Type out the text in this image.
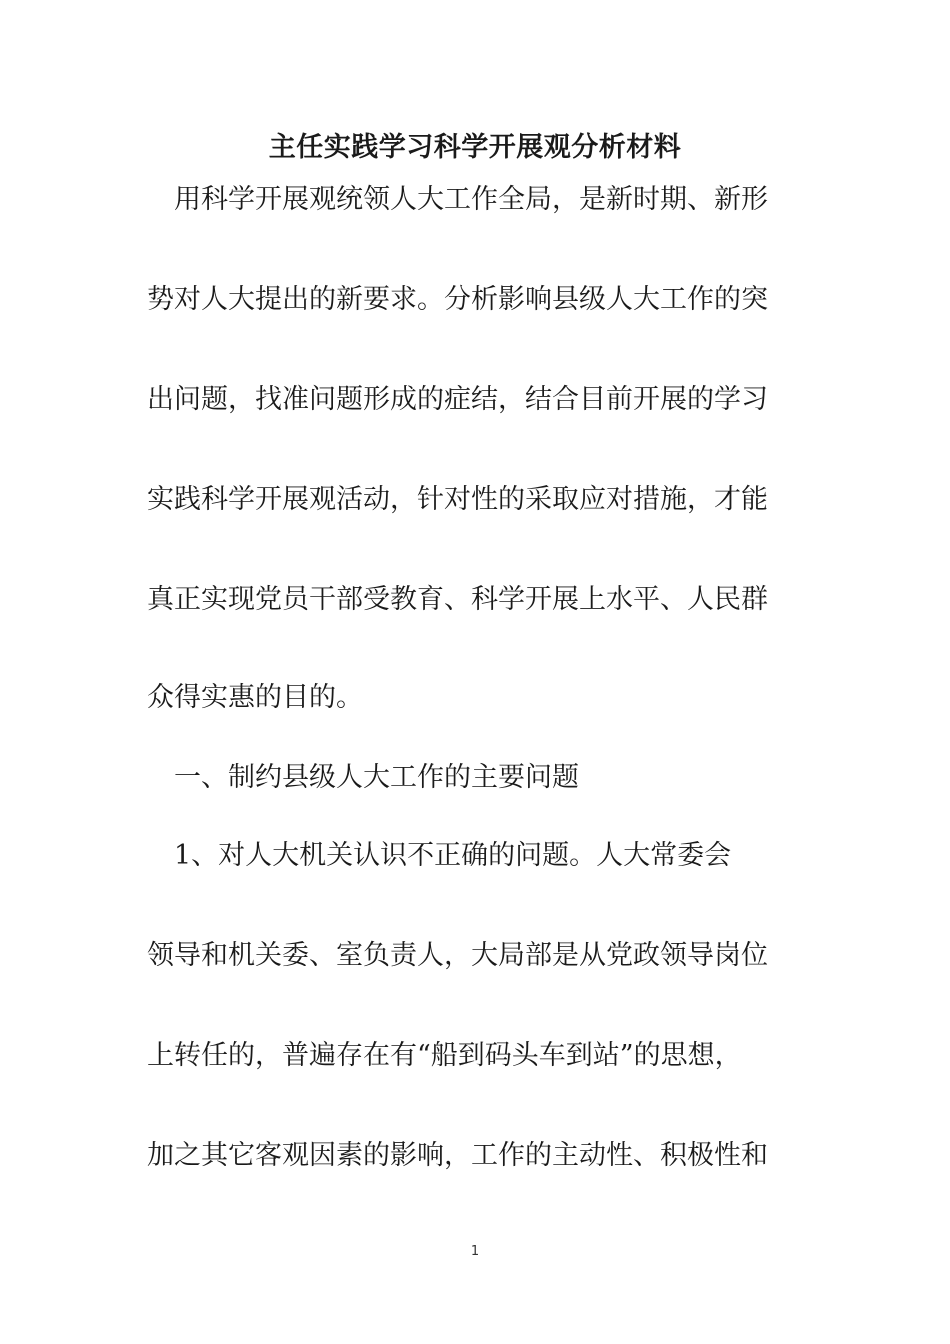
主任实践学习科学开展观分析材料
　用科学开展观统领人大工作全局，是新时期、新形
势对人大提出的新要求。分析影响县级人大工作的突
出问题，找准问题形成的症结，结合目前开展的学习
实践科学开展观活动，针对性的采取应对措施，才能
真正实现党员干部受教育、科学开展上水平、人民群
众得实惠的目的。
　一、制约县级人大工作的主要问题
　1、对人大机关认识不正确的问题。人大常委会
领导和机关委、室负责人，大局部是从党政领导岗位
上转任的，普遍存在有“船到码头车到站”的思想，
加之其它客观因素的影响，工作的主动性、积极性和
1
